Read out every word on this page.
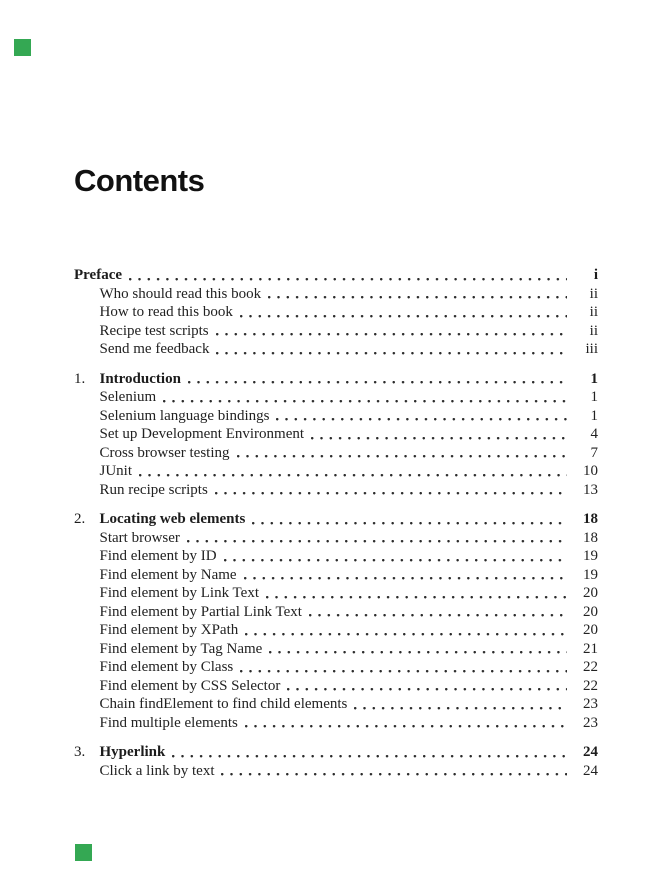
Contents
Preface	i
Who should read this book	ii
How to read this book	ii
Recipe test scripts	ii
Send me feedback	iii
1. Introduction	1
Selenium	1
Selenium language bindings	1
Set up Development Environment	4
Cross browser testing	7
JUnit	10
Run recipe scripts	13
2. Locating web elements	18
Start browser	18
Find element by ID	19
Find element by Name	19
Find element by Link Text	20
Find element by Partial Link Text	20
Find element by XPath	20
Find element by Tag Name	21
Find element by Class	22
Find element by CSS Selector	22
Chain findElement to find child elements	23
Find multiple elements	23
3. Hyperlink	24
Click a link by text	24
